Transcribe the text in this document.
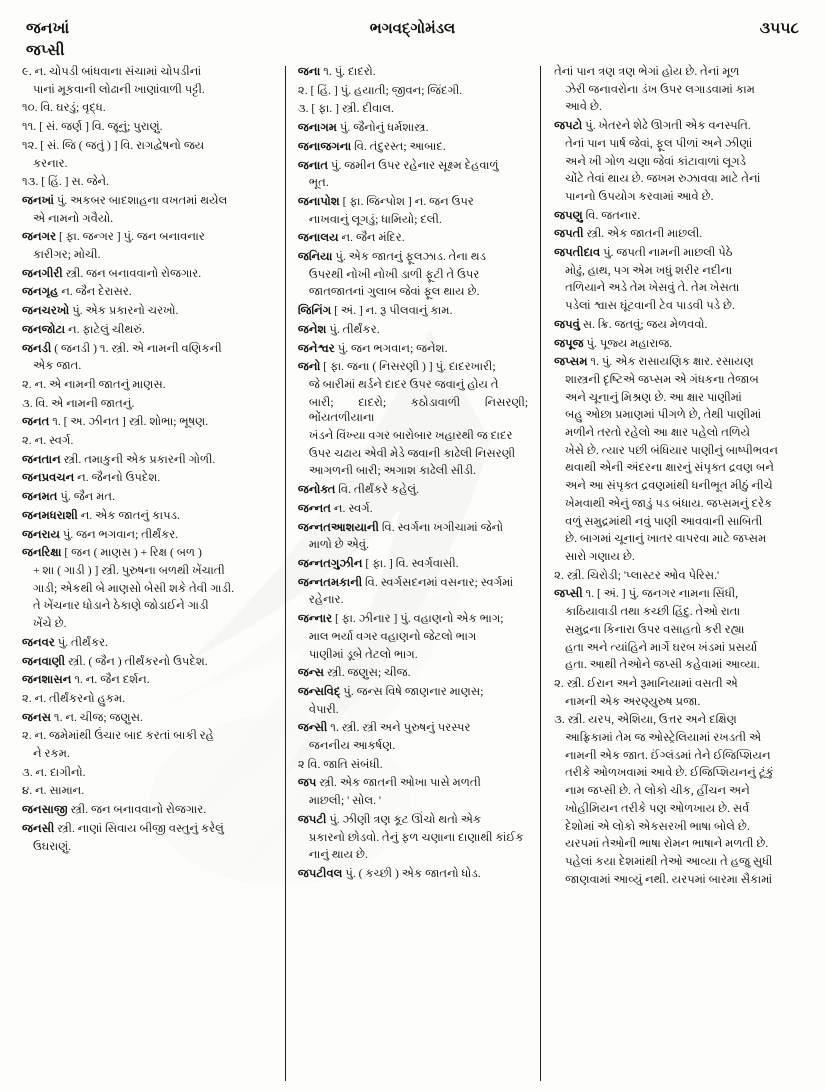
જનખાં
જપ્સી
ભગવદ્ગોમંડલ	૩૫૫૮

૯. ન. ચોપડી બાંધવાના સંચામાં ચોપડીનાં

પાનાં મૂકવાની લોઢાની ખાણાંવાળી પટ્ટી.

૧૦. વિ. ઘરડું; વૃદ્ધ.

૧૧. [ સં. જર્ણ ] વિ. જૂનું; પુરાણું.

૧૨. [ સં. જિ ( જતું ) ] વિ. રાગદ્વેષનો જય

કરનાર.

૧૩. [ હિં. ] સ. જેને.

જનખાં પું. અકબર બાદશાહના વખતમાં થયેલ

એ નામનો ગવૈયો.

જનગર [ ફા. જન્ગર ] પું. જન બનાવનાર

કારીગર; મોચી.

જનગીરી સ્ત્રી. જન બનાવવાનો રોજગાર.

જનગૃહ ન. જૈન દેરાસર.

જનચરખો પું. એક પ્રકારનો ચરખો.

જનજોટા ન. ફાટેલું ચીથરું.

જનડી ( જનડી ) ૧. સ્ત્રી. એ નામની વણિકની

એક જાત.

૨. ન. એ નામની જાતનું માણસ.

૩. વિ. એ નામની જાતનું.

જનત ૧. [ અ. ઝીનત ] સ્ત્રી. શોભા; ભૂષણ.

૨. ન. સ્વર્ગ.

જનતાન સ્ત્રી. તમાકુની એક પ્રકારની ગોળી.

જનપ્રવચન ન. જૈનનો ઉપદેશ.

જનમત પું. જૈન મત.

જનમધરાશી ન. એક જાતનું કાપડ.

જનરાય પું. જન ભગવાન; તીર્થંકર.

જનરિક્ષા [ જન ( માણસ ) + રિક્ષ ( બળ )

+ શા ( ગાડી ) ] સ્ત્રી. પુરુષના બળથી ખેંચાતી

ગાડી; એકથી બે માણસો બેસી શકે તેવી ગાડી.

તે ખેંચનાર ધોડાને ઠેકાણે જોડાઈને ગાડી

ખેંચે છે.

જનવર પું. તીર્થંકર.

જનવાણી સ્ત્રી. ( જૈન ) તીર્થંકરનો ઉપદેશ.

જનશાસન ૧. ન. જૈન દર્શન.

૨. ન. તીર્થંકરનો હુકમ.

જનસ ૧. ન. ચીજ; જણુસ.

૨. ન. જમેમાંથી ઉંચાર બાદ કરતાં બાકી રહે

ને રકમ.

૩. ન. દાગીનો.

૪. ન. સામાન.

જનસાજી સ્ત્રી. જન બનાવવાનો રોજગાર.

જનસી સ્ત્રી. નાણાં સિવાય બીજી વસ્તુનું કરેલું

ઉઘરાણું.

જના ૧. પું. દાદરો.

૨. [ હિં. ] પું. હયાતી; જીવન; જિંદગી.

૩. [ ફા. ] સ્ત્રી. દીવાલ.

જનાગમ પું. જૈનોનું ધર્મશાસ્ત્ર.

જનાજગના વિ. તંદુરસ્ત; આબાદ.

જનાત પું. જમીન ઉપર રહેનાર સૂક્ષ્મ દેહવાળું

ભૂત.

જનાપોશ [ ફા. જિન્પોશ ] ન. જન ઉપર

નાખવાનું લૂગડું; ધામિયો; દલી.

જનાલય ન. જૈન મંદિર.

જનિયા પું. એક જાતનું ફૂલઝાડ. તેના થડ

ઉપરથી નોખી નોખી ડાળી ફૂટી તે ઉપર

જાતજાતનાં ગુલાબ જેવાં ફૂલ થાય છે.

જિનિંગ [ અં. ] ન. રૂ પીલવાનું કામ.

જનેશ પું. તીર્થંકર.

જનેશ્વર પું. જન ભગવાન; જનેશ.

જનો [ ફા. જના ( નિસરણી ) ] પું. દાદરખારી;

જે બારીમાં થર્ડને દાદર ઉપર જવાનું હોય તે

બારી; દાદરો; કઠોડાવાળી નિસરણી; ભોંયતળીયાના

ખંડને વિંખ્યા વગર બારોબાર ખહારથી જ દાદર

ઉપર ચઢાય એવી મેડે જવાની કાઢેલી નિસરણી

આગળની બારી; અગાશ કાઢેલી સીડી.

જનોક્ત વિ. તીર્થંકરે કહેલું.

જન્નત ન. સ્વર્ગ.

જન્નતઆશયાની વિ. સ્વર્ગના ખગીચામાં જેનો

માળો છે એવું.

જન્નતગુઝીન [ ફા. ] વિ. સ્વર્ગવાસી.

જન્નતમકાની વિ. સ્વર્ગસદનમાં વસનાર; સ્વર્ગમાં

રહેનાર.

જન્નાર [ ફા. ઝીનાર ] પું. વહાણનો એક ભાગ;

માલ ભર્યા વગર વહાણનો જેટલો ભાગ

પાણીમાં ડૂબે તેટલો ભાગ.

જન્સ સ્ત્રી. જણુસ; ચીજ.

જન્સવિદ્ પું. જન્સ વિષે જાણનાર માણસ;

વેપારી.

જન્સી ૧. સ્ત્રી. સ્ત્રી અને પુરુષનું પરસ્પર

જનનીય આકર્ષણ.

૨ વિ. જાતિ સંબંધી.

જપ સ્ત્રી. એક જાતની ઓખા પાસે મળતી

માછલી; ' સોલ. '

જપટી પું. ઝીણી ત્રણ કૂટ ઊંચો થતો એક

પ્રકારનો છોડવો. તેનું ફળ ચણાના દાણાથી કાંઈક

નાનું થાય છે.

જપટીવલ પું. ( કચ્છી ) એક જાતનો ધોડ.

તેનાં પાન ત્રણ ત્રણ ભેગાં હોય છે. તેનાં મૂળ

ઝેરી જનાવરોના ડંખ ઉપર લગાડવામાં કામ

આવે છે.

જપટો પું. ખેતરને શેઢે ઊગતી એક વનસ્પતિ.

તેનાં પાન પાર્ષ જેવાં, ફૂલ પીળાં અને ઝીણાં

અને ખી ગોળ ચણા જેવાં કાંટાવાળાં લૂગડે

ચોંટે તેવાં થાય છે. જખમ રુઝાવવા માટે તેનાં

પાનનો ઉપયોગ કરવામાં આવે છે.

જપણુ વિ. જતનાર.

જપતી સ્ત્રી. એક જાતની માછલી.

જપતીદાવ પું. જપતી નામની માછલી પેઠે

મોઢું, હાથ, પગ એમ ખધું શરીર નદીના

તળિયાને અડે તેમ ખેસવું તે. તેમ ખેસતા

પડેલાં શ્વાસ ઘૂંટવાની ટેવ પાડવી પડે છે.

જપવું સ. ક્રિ. જતવું; જય મેળવવો.

જપૂજ પું. પૂજ્ય મહારાજ.

જપ્સમ ૧. પું. એક રાસાયણિક ક્ષાર. રસાયણ

શાસ્ત્રની દૃષ્ટિએ જપ્સમ એ ગંધકના તેજાબ

અને ચૂનાનું મિશ્રણ છે. આ ક્ષાર પાણીમાં

બહુ ઓછા પ્રમાણમાં પીગળે છે, તેથી પાણીમાં

મળીને તરતો રહેલો આ ક્ષાર પહેલો તળિયે

ખેસે છે. ત્યાર પછી બંધિયાર પાણીનું બાષ્પીભવન

થવાથી એની અંદરના ક્ષારનું સંપૃક્ત દ્રવણ બને

અને આ સંપૃક્ત દ્રવણમાંથી ધનીભૂત મીઠું નીચે

ખેમવાથી એનું જાડું પડ બંધાય. જપ્સમનું દરેક

વળું સમુદ્રમાંથી નવું પાણી આવવાની સાબિતી

છે. બાગમાં ચૂનાનું ખાતર વાપરવા માટે જપ્સમ

સારો ગણાય છે.

૨. સ્ત્રી. ચિરોડી; 'પ્લાસ્ટર ઓવ પેરિસ.'

જપ્સી ૧. [ અં. ] પું. જનગર નામના સિંધી,

કાઠિયાવાડી તથા કચ્છી હિંદુ. તેઓ રાતા

સમુદ્રના કિનારા ઉપર વસાહતો કરી રહ્યા

હતા અને ત્યાંહિને માર્ગે ઘરબ ખંડમાં પ્રસર્યા

હતા. આથી તેઓને જપ્સી કહેવામાં આવ્યા.

૨. સ્ત્રી. ઈરાન અને રૂમાનિયામાં વસતી એ

નામની એક અરણ્યુરુષ પ્રજા.

૩. સ્ત્રી. યરપ, એશિયા, ઉત્તર અને દક્ષિણ

આફ્રિકામાં તેમ જ ઓસ્ટ્રેલિયામાં રખડતી એ

નામની એક જાત. ઈંગ્લંડમાં તેને ઈજિપ્શિયન

તરીકે ઓળખવામાં આવે છે. ઈજિપ્શિયનનું ટૂંકું

નામ જપ્સી છે. તે લોકો ચીક, હીંચન અને

ખોહીમિયન તરીકે પણ ઓળખાય છે. સર્વ

દેશોમાં એ લોકો એકસરખી ભાષા બોલે છે.

યરપમાં તેઓની ભાષા રોમન ભાષાને મળતી છે.

પહેલાં કયા દેશમાંથી તેઓ આવ્યા તે હજુ સુધી

જાણવામાં આવ્યું નથી. યરપમાં બારમા સૈકામાં
